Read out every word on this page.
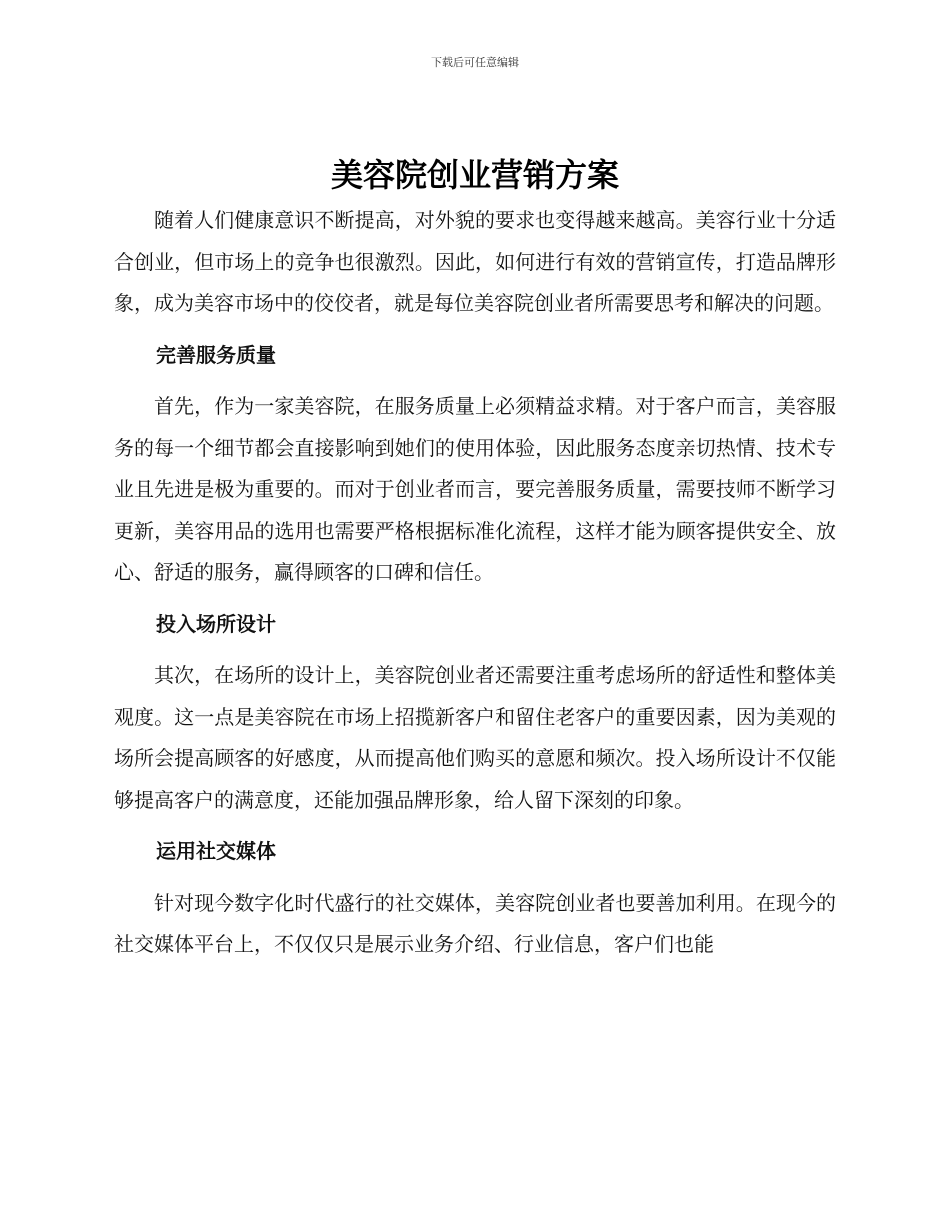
下载后可任意编辑
美容院创业营销方案

随着人们健康意识不断提高，对外貌的要求也变得越来越高。美容行业十分适合创业，但市场上的竞争也很激烈。因此，如何进行有效的营销宣传，打造品牌形象，成为美容市场中的佼佼者，就是每位美容院创业者所需要思考和解决的问题。

完善服务质量

首先，作为一家美容院，在服务质量上必须精益求精。对于客户而言，美容服务的每一个细节都会直接影响到她们的使用体验，因此服务态度亲切热情、技术专业且先进是极为重要的。而对于创业者而言，要完善服务质量，需要技师不断学习更新，美容用品的选用也需要严格根据标准化流程，这样才能为顾客提供安全、放心、舒适的服务，赢得顾客的口碑和信任。

投入场所设计

其次，在场所的设计上，美容院创业者还需要注重考虑场所的舒适性和整体美观度。这一点是美容院在市场上招揽新客户和留住老客户的重要因素，因为美观的场所会提高顾客的好感度，从而提高他们购买的意愿和频次。投入场所设计不仅能够提高客户的满意度，还能加强品牌形象，给人留下深刻的印象。

运用社交媒体

针对现今数字化时代盛行的社交媒体，美容院创业者也要善加利用。在现今的社交媒体平台上，不仅仅只是展示业务介绍、行业信息，客户们也能
